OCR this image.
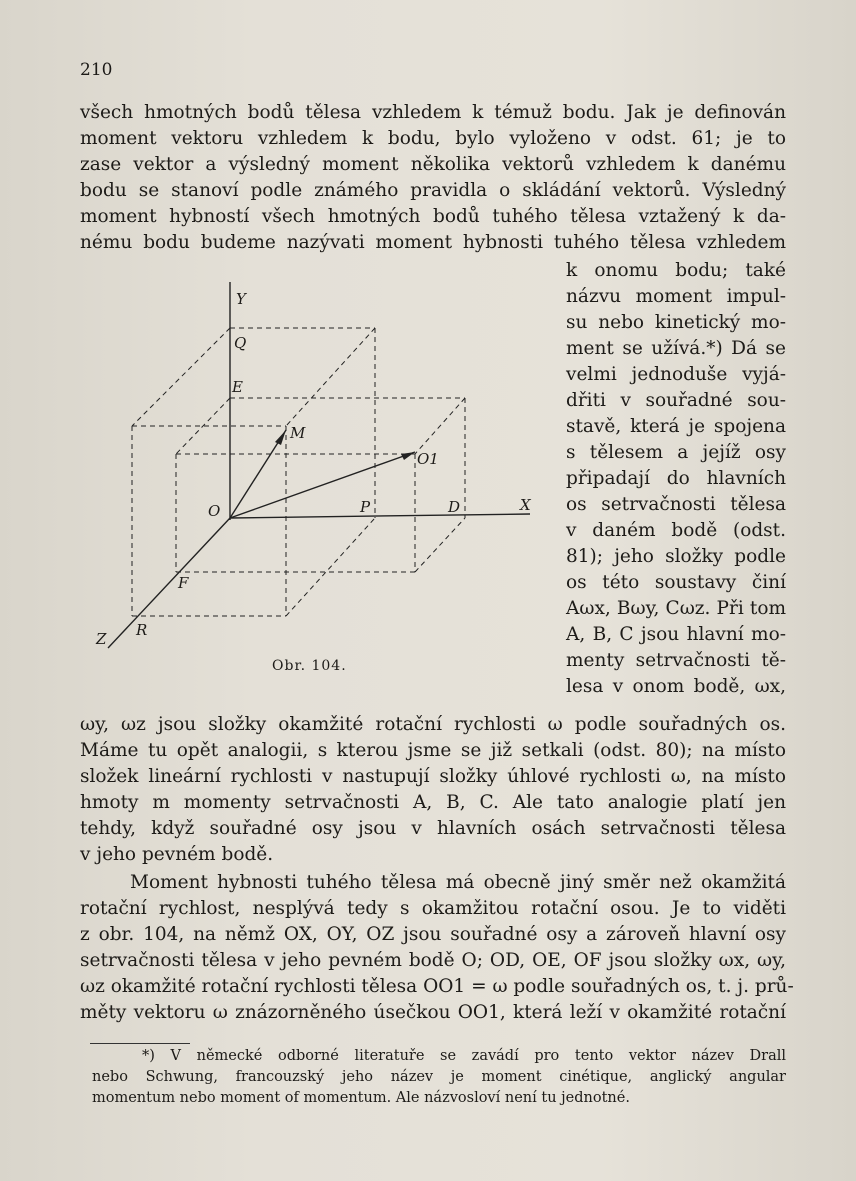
210
všech hmotných bodů tělesa vzhledem k témuž bodu. Jak je definován
moment vektoru vzhledem k bodu, bylo vyloženo v odst. 61; je to
zase vektor a výsledný moment několika vektorů vzhledem k danému
bodu se stanoví podle známého pravidla o skládání vektorů. Výsledný
moment hybností všech hmotných bodů tuhého tělesa vztažený k da-
nému bodu budeme nazývati moment hybnosti tuhého tělesa vzhledem
k onomu bodu; také
názvu moment impul-
su nebo kinetický mo-
ment se užívá.*) Dá se
velmi jednoduše vyjá-
dřiti v souřadné sou-
stavě, která je spojena
s tělesem a jejíž osy
připadají do hlavních
os setrvačnosti tělesa
v daném bodě (odst.
81); jeho složky podle
os této soustavy činí
Aωx, Bωy, Cωz. Při tom
A, B, C jsou hlavní mo-
menty setrvačnosti tě-
lesa v onom bodě, ωx,
Y
Q
E
M
O1
O	P	D	X
F
R
Z
Obr. 104.
ωy, ωz jsou složky okamžité rotační rychlosti ω podle souřadných os.
Máme tu opět analogii, s kterou jsme se již setkali (odst. 80); na místo
složek lineární rychlosti v nastupují složky úhlové rychlosti ω, na místo
hmoty m momenty setrvačnosti A, B, C. Ale tato analogie platí jen
tehdy, když souřadné osy jsou v hlavních osách setrvačnosti tělesa
v jeho pevném bodě.
Moment hybnosti tuhého tělesa má obecně jiný směr než okamžitá
rotační rychlost, nesplývá tedy s okamžitou rotační osou. Je to viděti
z obr. 104, na němž OX, OY, OZ jsou souřadné osy a zároveň hlavní osy
setrvačnosti tělesa v jeho pevném bodě O; OD, OE, OF jsou složky ωx, ωy,
ωz okamžité rotační rychlosti tělesa OO1 = ω podle souřadných os, t. j. prů-
měty vektoru ω znázorněného úsečkou OO1, která leží v okamžité rotační
*) V německé odborné literatuře se zavádí pro tento vektor název Drall
nebo Schwung, francouzský jeho název je moment cinétique, anglický angular
momentum nebo moment of momentum. Ale názvosloví není tu jednotné.
